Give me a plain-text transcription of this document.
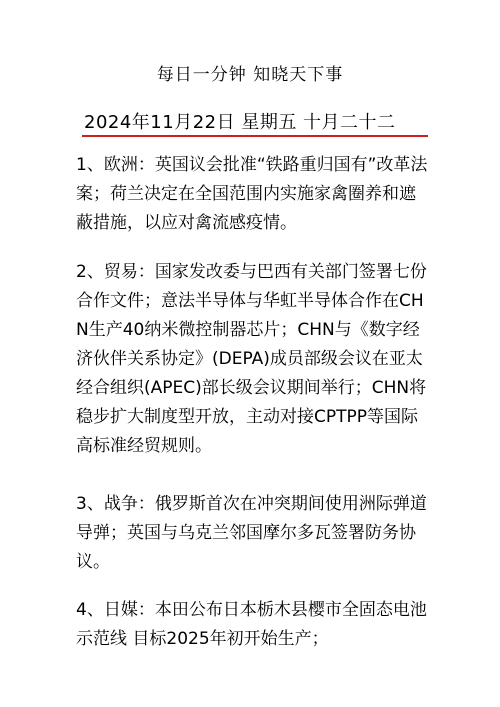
每日一分钟 知晓天下事
2024年11月22日 星期五 十月二十二
1、欧洲：英国议会批准“铁路重归国有”改革法案；荷兰决定在全国范围内实施家禽圈养和遮蔽措施，以应对禽流感疫情。
2、贸易：国家发改委与巴西有关部门签署七份合作文件；意法半导体与华虹半导体合作在CHN生产40纳米微控制器芯片；CHN与《数字经济伙伴关系协定》(DEPA)成员部级会议在亚太经合组织(APEC)部长级会议期间举行；CHN将稳步扩大制度型开放，主动对接CPTPP等国际高标准经贸规则。
3、战争：俄罗斯首次在冲突期间使用洲际弹道导弹；英国与乌克兰邻国摩尔多瓦签署防务协议。
4、日媒：本田公布日本栃木县樱市全固态电池示范线 目标2025年初开始生产；
